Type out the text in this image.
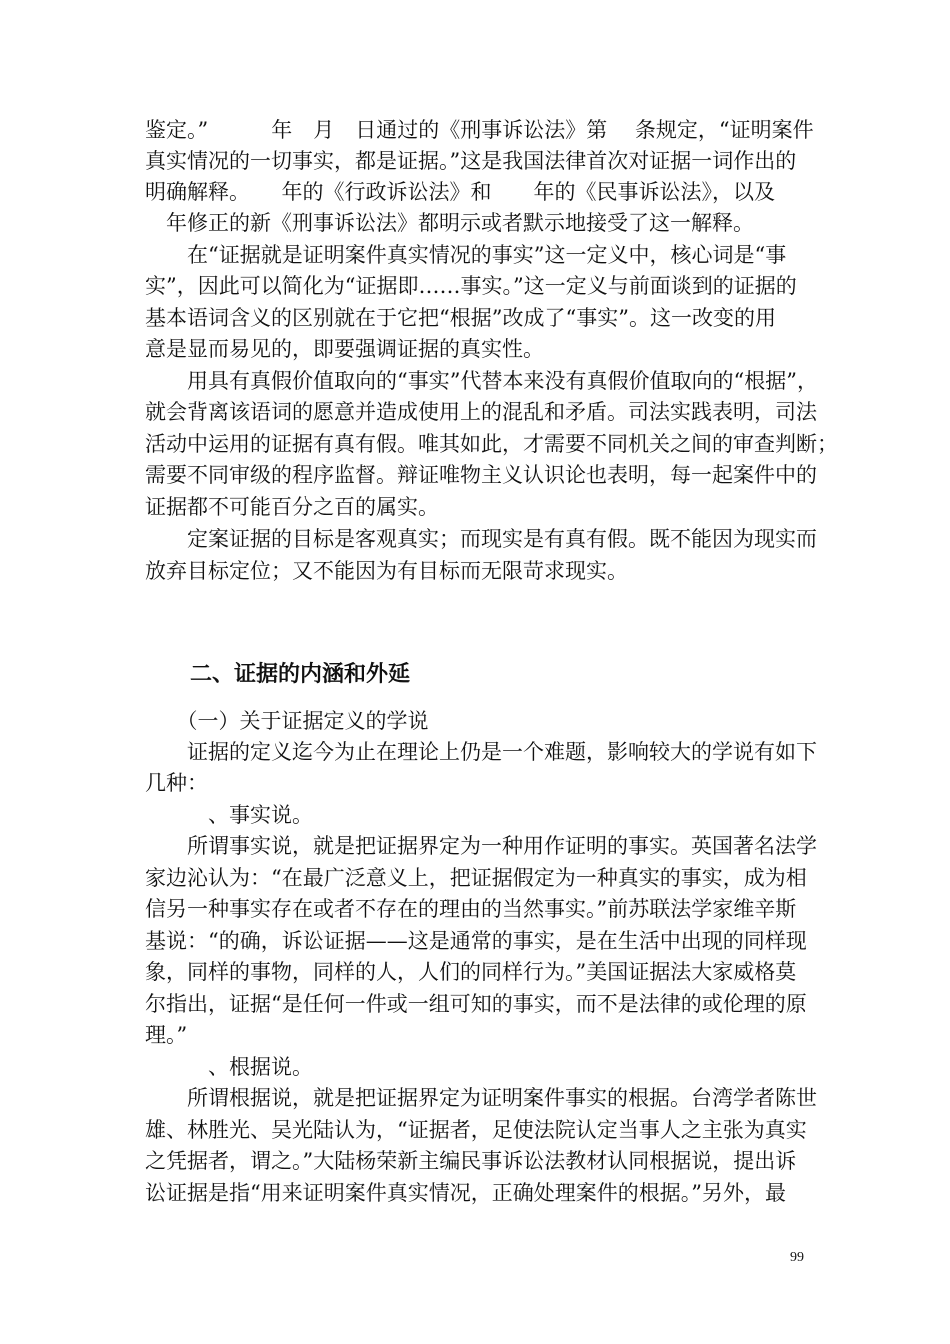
鉴定。”　　　年　月　日通过的《刑事诉讼法》第　 条规定，“证明案件
真实情况的一切事实，都是证据。”这是我国法律首次对证据一词作出的
明确解释。　　年的《行政诉讼法》和　　年的《民事诉讼法》，以及
　年修正的新《刑事诉讼法》都明示或者默示地接受了这一解释。
　　在“证据就是证明案件真实情况的事实”这一定义中，核心词是“事
实”，因此可以简化为“证据即……事实。”这一定义与前面谈到的证据的
基本语词含义的区别就在于它把“根据”改成了“事实”。这一改变的用
意是显而易见的，即要强调证据的真实性。
　　用具有真假价值取向的“事实”代替本来没有真假价值取向的“根据”，
就会背离该语词的愿意并造成使用上的混乱和矛盾。司法实践表明，司法
活动中运用的证据有真有假。唯其如此，才需要不同机关之间的审查判断；
需要不同审级的程序监督。辩证唯物主义认识论也表明，每一起案件中的
证据都不可能百分之百的属实。
　　定案证据的目标是客观真实；而现实是有真有假。既不能因为现实而
放弃目标定位；又不能因为有目标而无限苛求现实。
　　（一）关于证据定义的学说
　　证据的定义迄今为止在理论上仍是一个难题，影响较大的学说有如下
几种：
　　　、事实说。
　　所谓事实说，就是把证据界定为一种用作证明的事实。英国著名法学
家边沁认为：“在最广泛意义上，把证据假定为一种真实的事实，成为相
信另一种事实存在或者不存在的理由的当然事实。”前苏联法学家维辛斯
基说：“的确，诉讼证据——这是通常的事实，是在生活中出现的同样现
象，同样的事物，同样的人，人们的同样行为。”美国证据法大家威格莫
尔指出，证据“是任何一件或一组可知的事实，而不是法律的或伦理的原
理。”
　　　、根据说。
　　所谓根据说，就是把证据界定为证明案件事实的根据。台湾学者陈世
雄、林胜光、吴光陆认为，“证据者，足使法院认定当事人之主张为真实
之凭据者，谓之。”大陆杨荣新主编民事诉讼法教材认同根据说，提出诉
讼证据是指“用来证明案件真实情况，正确处理案件的根据。”另外，最
二、证据的内涵和外延
99
